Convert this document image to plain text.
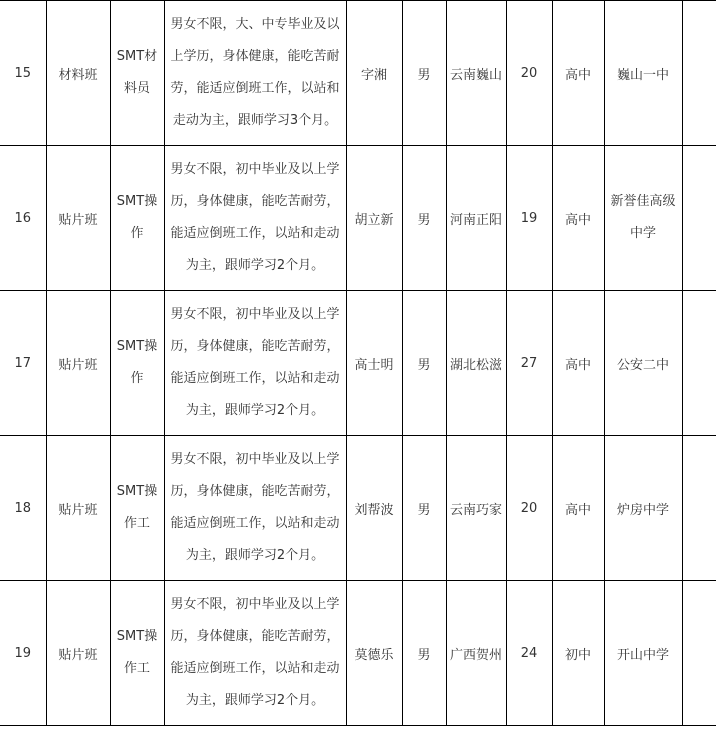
15	材料班	SMT材料员	男女不限，大、中专毕业及以上学历，身体健康，能吃苦耐劳，能适应倒班工作，以站和走动为主，跟师学习3个月。	字湘	男	云南巍山	20	高中	巍山一中	
16	贴片班	SMT操作	男女不限，初中毕业及以上学历，身体健康，能吃苦耐劳，能适应倒班工作，以站和走动为主，跟师学习2个月。	胡立新	男	河南正阳	19	高中	新誉佳高级中学	
17	贴片班	SMT操作	男女不限，初中毕业及以上学历，身体健康，能吃苦耐劳，能适应倒班工作，以站和走动为主，跟师学习2个月。	高士明	男	湖北松滋	27	高中	公安二中	
18	贴片班	SMT操作工	男女不限，初中毕业及以上学历，身体健康，能吃苦耐劳，能适应倒班工作，以站和走动为主，跟师学习2个月。	刘帮波	男	云南巧家	20	高中	炉房中学	
19	贴片班	SMT操作工	男女不限，初中毕业及以上学历，身体健康，能吃苦耐劳，能适应倒班工作，以站和走动为主，跟师学习2个月。	莫德乐	男	广西贺州	24	初中	开山中学	
